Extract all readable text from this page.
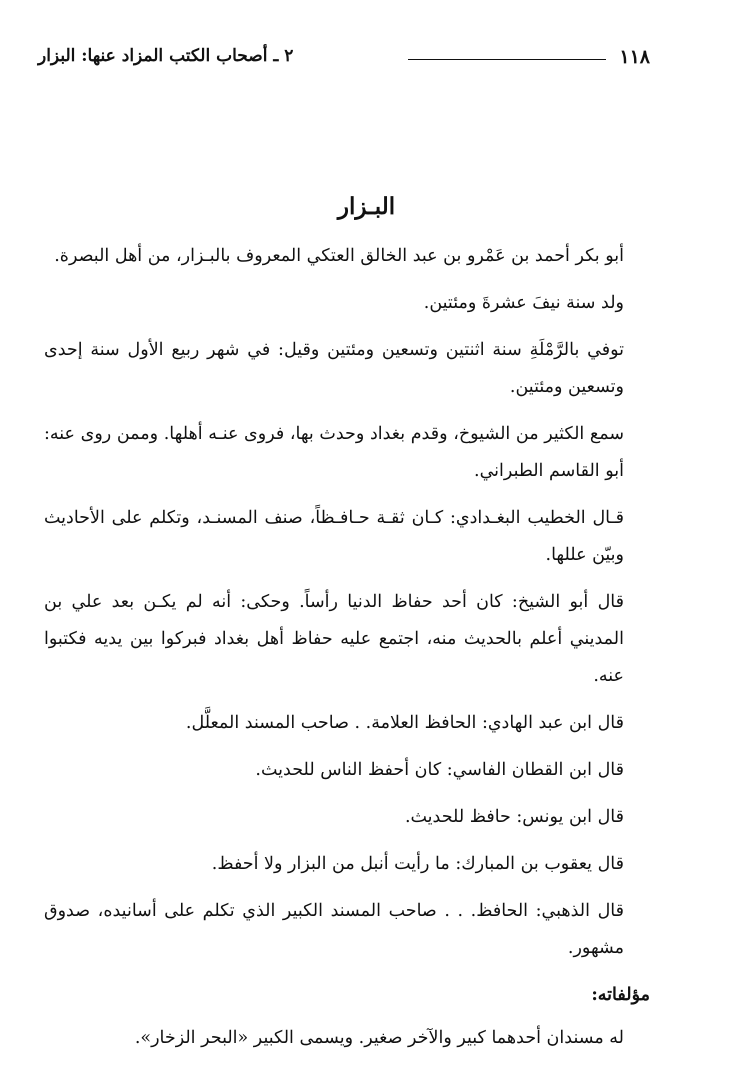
١١٨
٢ ـ أصحاب الكتب المزاد عنها: البزار
البـزار

أبو بكر أحمد بن عَمْرو بن عبد الخالق العتكي المعروف بالبـزار، من أهل البصرة.

ولد سنة نيفَ عشرةَ ومئتين.

توفي بالرَّمْلَةِ سنة اثنتين وتسعين ومئتين وقيل: في شهر ربيع الأول سنة إحدى وتسعين ومئتين.

سمع الكثير من الشيوخ، وقدم بغداد وحدث بها، فروى عنـه أهلها. وممن روى عنه: أبو القاسم الطبراني.

قـال الخطيب البغـدادي: كـان ثقـة حـافـظاً، صنف المسنـد، وتكلم على الأحاديث وبيّن عللها.

قال أبو الشيخ: كان أحد حفاظ الدنيا رأساً. وحكى: أنه لم يكـن بعد علي بن المديني أعلم بالحديث منه، اجتمع عليه حفاظ أهل بغداد فبركوا بين يديه فكتبوا عنه.

قال ابن عبد الهادي: الحافظ العلامة. . صاحب المسند المعلَّل.

قال ابن القطان الفاسي: كان أحفظ الناس للحديث.

قال ابن يونس: حافظ للحديث.

قال يعقوب بن المبارك: ما رأيت أنبل من البزار ولا أحفظ.

قال الذهبي: الحافظ. . . صاحب المسند الكبير الذي تكلم على أسانيده، صدوق مشهور.

مؤلفاته:

له مسندان أحدهما كبير والآخر صغير. ويسمى الكبير «البحر الزخار».
